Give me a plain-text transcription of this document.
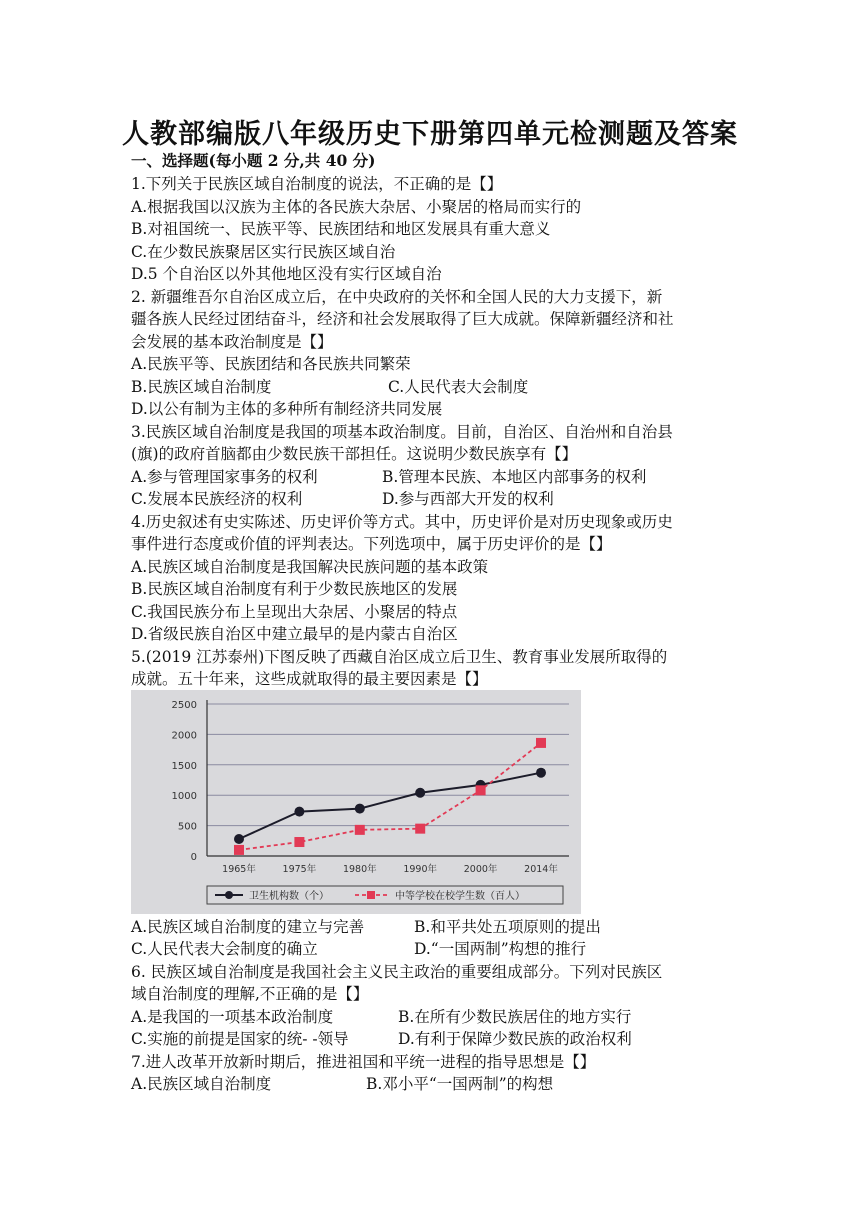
人教部编版八年级历史下册第四单元检测题及答案
一、选择题(每小题 2 分,共 40 分)
1.下列关于民族区域自治制度的说法，不正确的是【】
A.根据我国以汉族为主体的各民族大杂居、小聚居的格局而实行的
B.对祖国统一、民族平等、民族团结和地区发展具有重大意义
C.在少数民族聚居区实行民族区域自治
D.5 个自治区以外其他地区没有实行区域自治
2. 新疆维吾尔自治区成立后，在中央政府的关怀和全国人民的大力支援下，新
疆各族人民经过团结奋斗，经济和社会发展取得了巨大成就。保障新疆经济和社
会发展的基本政治制度是【】
A.民族平等、民族团结和各民族共同繁荣
B.民族区域自治制度	C.人民代表大会制度
D.以公有制为主体的多种所有制经济共同发展
3.民族区域自治制度是我国的项基本政治制度。目前，自治区、自治州和自治县
(旗)的政府首脑都由少数民族干部担任。这说明少数民族享有【】
A.参与管理国家事务的权利	B.管理本民族、本地区内部事务的权利
C.发展本民族经济的权利	D.参与西部大开发的权利
4.历史叙述有史实陈述、历史评价等方式。其中，历史评价是对历史现象或历史
事件进行态度或价值的评判表达。下列选项中，属于历史评价的是【】
A.民族区域自治制度是我国解决民族问题的基本政策
B.民族区域自治制度有利于少数民族地区的发展
C.我国民族分布上呈现出大杂居、小聚居的特点
D.省级民族自治区中建立最早的是内蒙古自治区
5.(2019 江苏泰州)下图反映了西藏自治区成立后卫生、教育事业发展所取得的
成就。五十年来，这些成就取得的最主要因素是【】
0
500
1000
1500
2000
2500
1965年	1975年	1980年	1990年	2000年	2014年
卫生机构数（个）	中等学校在校学生数（百人）
A.民族区域自治制度的建立与完善	B.和平共处五项原则的提出
C.人民代表大会制度的确立	D.“一国两制”构想的推行
6. 民族区域自治制度是我国社会主义民主政治的重要组成部分。下列对民族区
域自治制度的理解,不正确的是【】
A.是我国的一项基本政治制度	B.在所有少数民族居住的地方实行
C.实施的前提是国家的统- -领导	D.有利于保障少数民族的政治权利
7.进人改革开放新时期后，推进祖国和平统一进程的指导思想是【】
A.民族区域自治制度	B.邓小平“一国两制”的构想
